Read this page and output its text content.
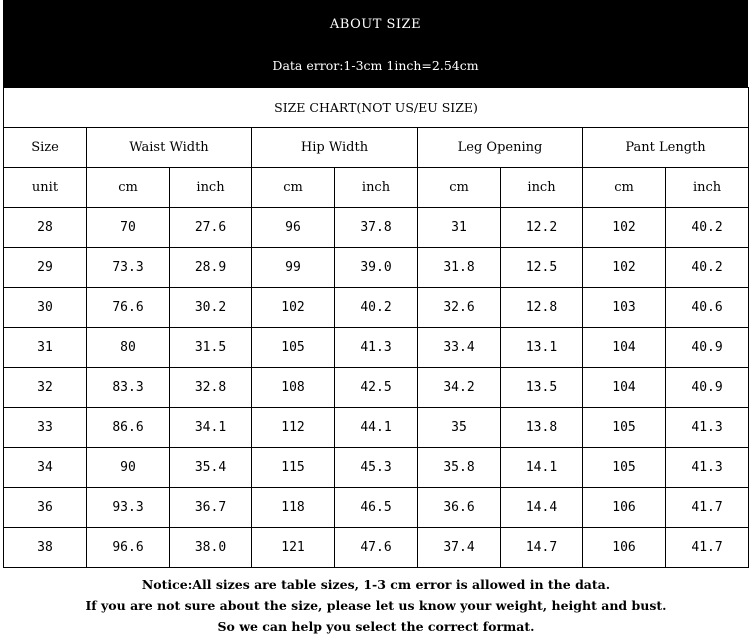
ABOUT SIZE
Data error:1-3cm 1inch=2.54cm
SIZE CHART(NOT US/EU SIZE)								
Size	Waist Width		Hip Width		Leg Opening		Pant Length	
unit	cm	inch	cm	inch	cm	inch	cm	inch
28	70	27.6	96	37.8	31	12.2	102	40.2
29	73.3	28.9	99	39.0	31.8	12.5	102	40.2
30	76.6	30.2	102	40.2	32.6	12.8	103	40.6
31	80	31.5	105	41.3	33.4	13.1	104	40.9
32	83.3	32.8	108	42.5	34.2	13.5	104	40.9
33	86.6	34.1	112	44.1	35	13.8	105	41.3
34	90	35.4	115	45.3	35.8	14.1	105	41.3
36	93.3	36.7	118	46.5	36.6	14.4	106	41.7
38	96.6	38.0	121	47.6	37.4	14.7	106	41.7
Notice:All sizes are table sizes, 1-3 cm error is allowed in the data.
If you are not sure about the size, please let us know your weight, height and bust.
So we can help you select the correct format.
